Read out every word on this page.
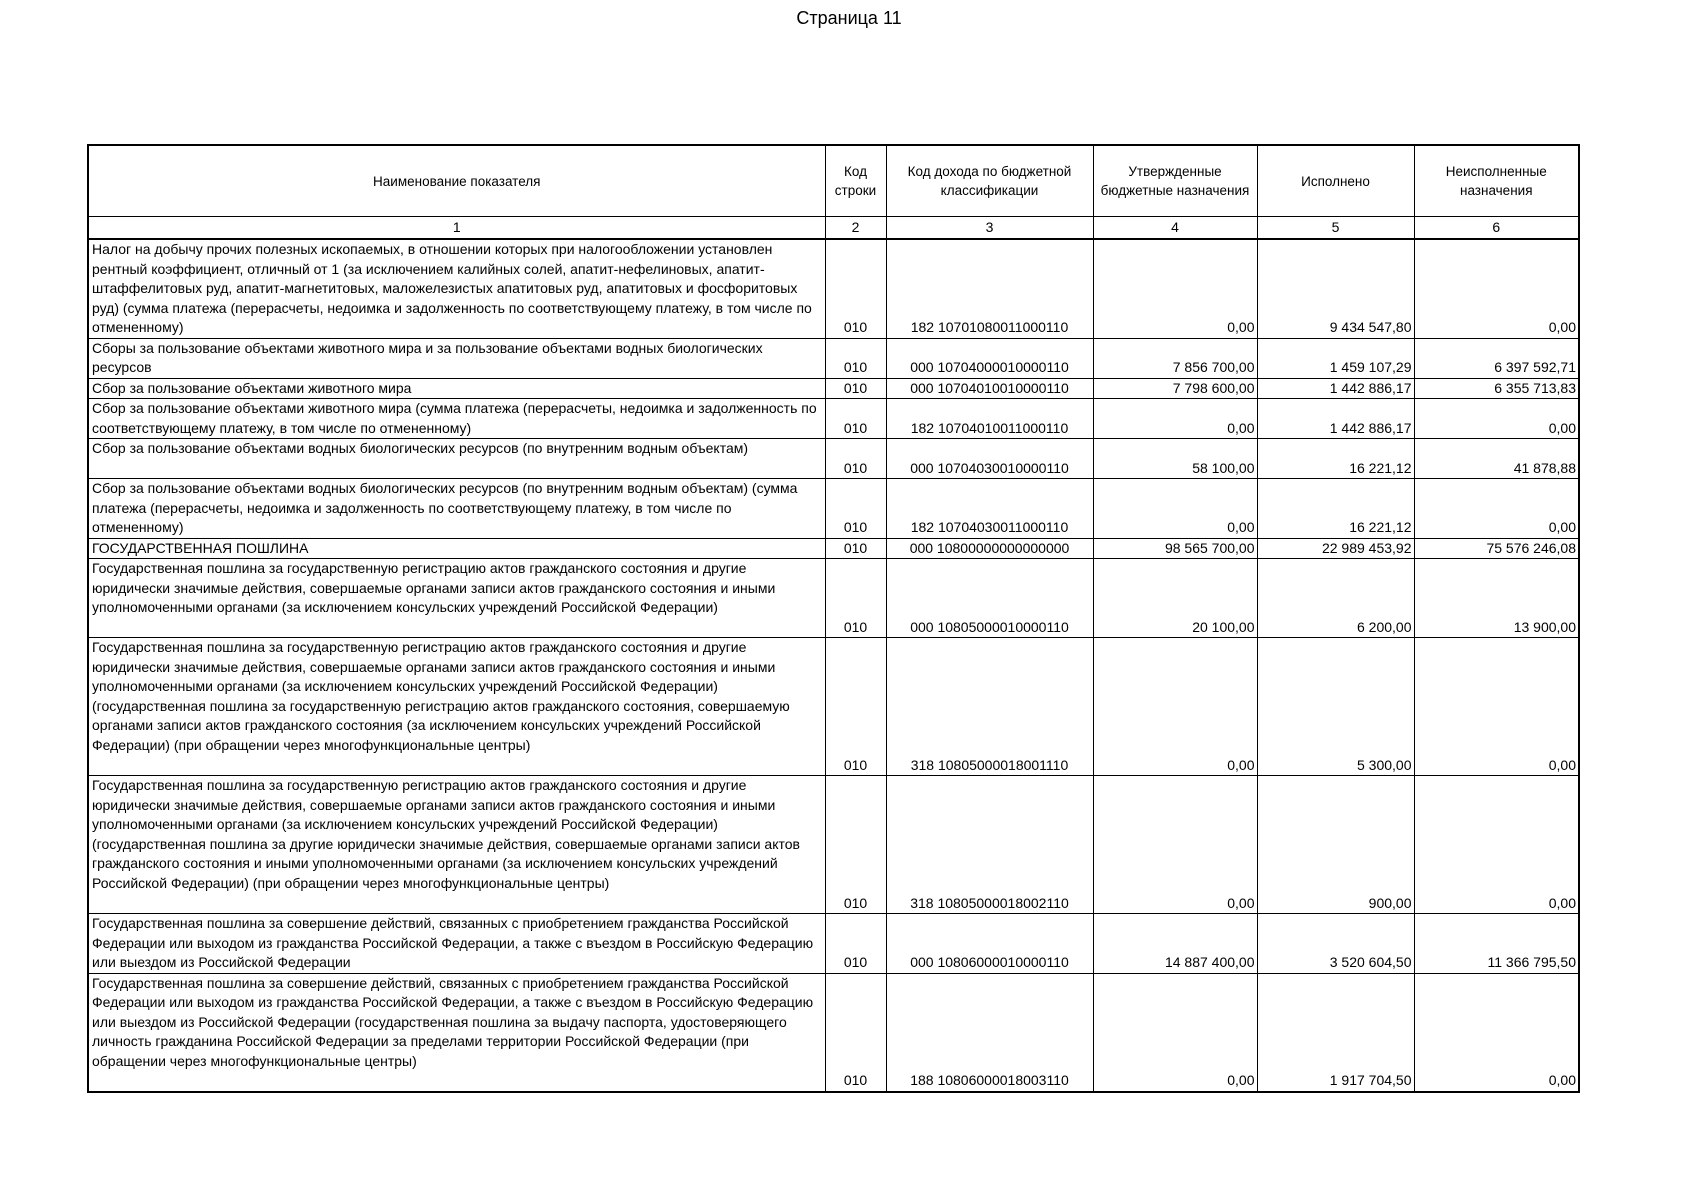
Страница 11
Наименование показателя	Код строки	Код дохода по бюджетной классификации	Утвержденные бюджетные назначения	Исполнено	Неисполненные назначения
1	2	3	4	5	6
Налог на добычу прочих полезных ископаемых, в отношении которых при налогообложении установлен рентный коэффициент, отличный от 1 (за исключением калийных солей, апатит-нефелиновых, апатит-штаффелитовых руд, апатит-магнетитовых, маложелезистых апатитовых руд, апатитовых и фосфоритовых руд) (сумма платежа (перерасчеты, недоимка и задолженность по соответствующему платежу, в том числе по отмененному)	010	182 10701080011000110	0,00	9 434 547,80	0,00
Сборы за пользование объектами животного мира и за пользование объектами водных биологических ресурсов	010	000 10704000010000110	7 856 700,00	1 459 107,29	6 397 592,71
Сбор за пользование объектами животного мира	010	000 10704010010000110	7 798 600,00	1 442 886,17	6 355 713,83
Сбор за пользование объектами животного мира (сумма платежа (перерасчеты, недоимка и задолженность по соответствующему платежу, в том числе по отмененному)	010	182 10704010011000110	0,00	1 442 886,17	0,00
Сбор за пользование объектами водных биологических ресурсов (по внутренним водным объектам)	010	000 10704030010000110	58 100,00	16 221,12	41 878,88
Сбор за пользование объектами водных биологических ресурсов (по внутренним водным объектам) (сумма платежа (перерасчеты, недоимка и задолженность по соответствующему платежу, в том числе по отмененному)	010	182 10704030011000110	0,00	16 221,12	0,00
ГОСУДАРСТВЕННАЯ ПОШЛИНА	010	000 10800000000000000	98 565 700,00	22 989 453,92	75 576 246,08
Государственная пошлина за государственную регистрацию актов гражданского состояния и другие юридически значимые действия, совершаемые органами записи актов гражданского состояния и иными уполномоченными органами (за исключением консульских учреждений Российской Федерации)	010	000 10805000010000110	20 100,00	6 200,00	13 900,00
Государственная пошлина за государственную регистрацию актов гражданского состояния и другие юридически значимые действия, совершаемые органами записи актов гражданского состояния и иными уполномоченными органами (за исключением консульских учреждений Российской Федерации) (государственная пошлина за государственную регистрацию актов гражданского состояния, совершаемую органами записи актов гражданского состояния (за исключением консульских учреждений Российской Федерации) (при обращении через многофункциональные центры)	010	318 10805000018001110	0,00	5 300,00	0,00
Государственная пошлина за государственную регистрацию актов гражданского состояния и другие юридически значимые действия, совершаемые органами записи актов гражданского состояния и иными уполномоченными органами (за исключением консульских учреждений Российской Федерации) (государственная пошлина за другие юридически значимые действия, совершаемые органами записи актов гражданского состояния и иными уполномоченными органами (за исключением консульских учреждений Российской Федерации) (при обращении через многофункциональные центры)	010	318 10805000018002110	0,00	900,00	0,00
Государственная пошлина за совершение действий, связанных с приобретением гражданства Российской Федерации или выходом из гражданства Российской Федерации, а также с въездом в Российскую Федерацию или выездом из Российской Федерации	010	000 10806000010000110	14 887 400,00	3 520 604,50	11 366 795,50
Государственная пошлина за совершение действий, связанных с приобретением гражданства Российской Федерации или выходом из гражданства Российской Федерации, а также с въездом в Российскую Федерацию или выездом из Российской Федерации (государственная пошлина за выдачу паспорта, удостоверяющего личность гражданина Российской Федерации за пределами территории Российской Федерации (при обращении через многофункциональные центры)	010	188 10806000018003110	0,00	1 917 704,50	0,00
